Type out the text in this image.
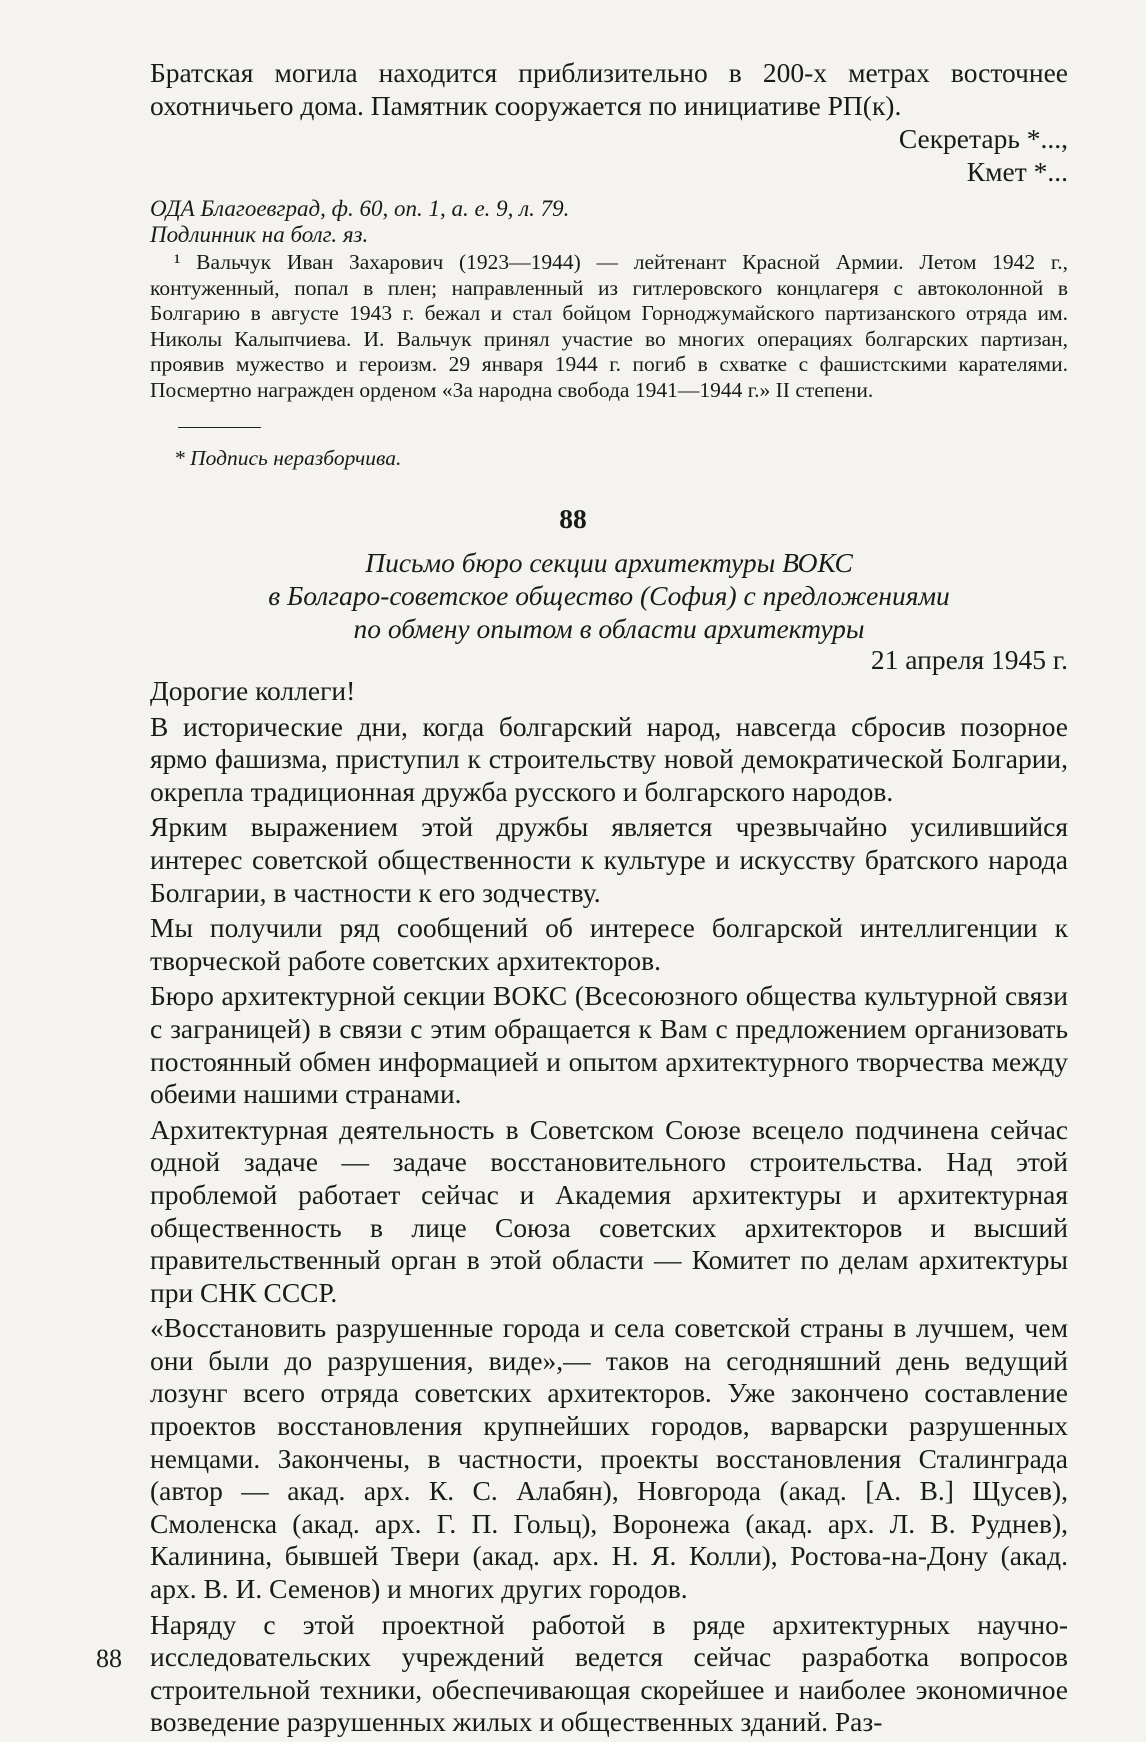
Братская могила находится приблизительно в 200-х метрах восточнее охотничьего дома. Памятник сооружается по инициативе РП(к).

Секретарь *...,
Кмет *...
ОДА Благоевград, ф. 60, оп. 1, а. е. 9, л. 79.
Подлинник на болг. яз.

¹ Вальчук Иван Захарович (1923—1944) — лейтенант Красной Армии. Летом 1942 г., контуженный, попал в плен; направленный из гитлеровского концлагеря с автоколонной в Болгарию в августе 1943 г. бежал и стал бойцом Горноджумайского партизанского отряда им. Николы Калыпчиева. И. Вальчук принял участие во многих операциях болгарских партизан, проявив мужество и героизм. 29 января 1944 г. погиб в схватке с фашистскими карателями. Посмертно награжден орденом «За народна свобода 1941—1944 г.» II степени.

* Подпись неразборчива.
88
Письмо бюро секции архитектуры ВОКС
в Болгаро-советское общество (София) с предложениями
по обмену опытом в области архитектуры
21 апреля 1945 г.

Дорогие коллеги!

В исторические дни, когда болгарский народ, навсегда сбросив позорное ярмо фашизма, приступил к строительству новой демократической Болгарии, окрепла традиционная дружба русского и болгарского народов.

Ярким выражением этой дружбы является чрезвычайно усилившийся интерес советской общественности к культуре и искусству братского народа Болгарии, в частности к его зодчеству.

Мы получили ряд сообщений об интересе болгарской интеллигенции к творческой работе советских архитекторов.

Бюро архитектурной секции ВОКС (Всесоюзного общества культурной связи с заграницей) в связи с этим обращается к Вам с предложением организовать постоянный обмен информацией и опытом архитектурного творчества между обеими нашими странами.

Архитектурная деятельность в Советском Союзе всецело подчинена сейчас одной задаче — задаче восстановительного строительства. Над этой проблемой работает сейчас и Академия архитектуры и архитектурная общественность в лице Союза советских архитекторов и высший правительственный орган в этой области — Комитет по делам архитектуры при СНК СССР.

«Восстановить разрушенные города и села советской страны в лучшем, чем они были до разрушения, виде»,— таков на сегодняшний день ведущий лозунг всего отряда советских архитекторов. Уже закончено составление проектов восстановления крупнейших городов, варварски разрушенных немцами. Закончены, в частности, проекты восстановления Сталинграда (автор — акад. арх. К. С. Алабян), Новгорода (акад. [А. В.] Щусев), Смоленска (акад. арх. Г. П. Гольц), Воронежа (акад. арх. Л. В. Руднев), Калинина, бывшей Твери (акад. арх. Н. Я. Колли), Ростова-на-Дону (акад. арх. В. И. Семенов) и многих других городов.

Наряду с этой проектной работой в ряде архитектурных научно-исследовательских учреждений ведется сейчас разработка вопросов строительной техники, обеспечивающая скорейшее и наиболее экономичное возведение разрушенных жилых и общественных зданий. Раз-

88
